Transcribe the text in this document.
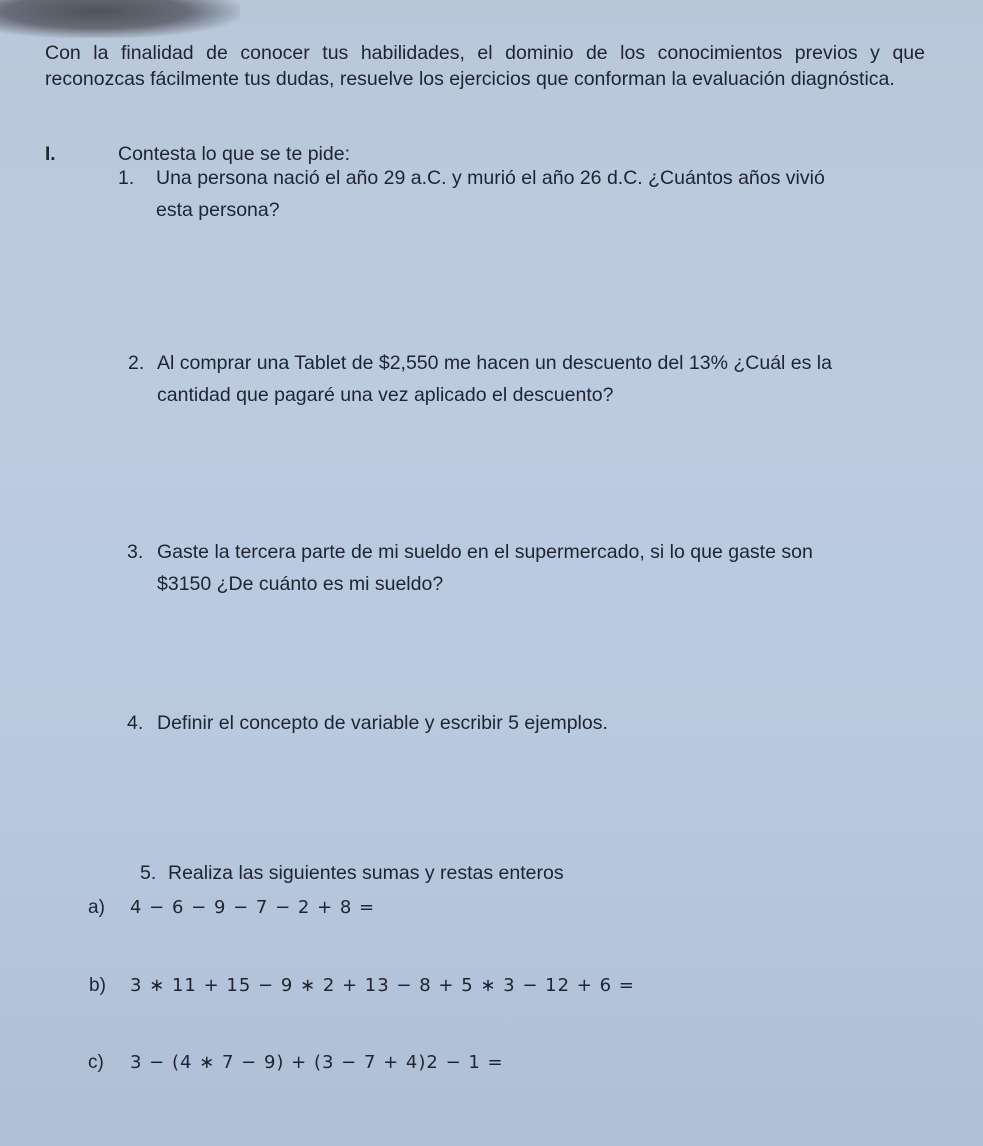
Con la finalidad de conocer tus habilidades, el dominio de los conocimientos previos y que reconozcas fácilmente tus dudas, resuelve los ejercicios que conforman la evaluación diagnóstica.

I.	Contesta lo que se te pide:
1. Una persona nació el año 29 a.C. y murió el año 26 d.C. ¿Cuántos años vivió
esta persona?
2. Al comprar una Tablet de $2,550 me hacen un descuento del 13% ¿Cuál es la
cantidad que pagaré una vez aplicado el descuento?
3. Gaste la tercera parte de mi sueldo en el supermercado, si lo que gaste son
$3150 ¿De cuánto es mi sueldo?
4. Definir el concepto de variable y escribir 5 ejemplos.
5. Realiza las siguientes sumas y restas enteros
a) 4 − 6 − 9 − 7 − 2 + 8 =
b) 3 ∗ 11 + 15 − 9 ∗ 2 + 13 − 8 + 5 ∗ 3 − 12 + 6 =
c) 3 − (4 ∗ 7 − 9) + (3 − 7 + 4)2 − 1 =
